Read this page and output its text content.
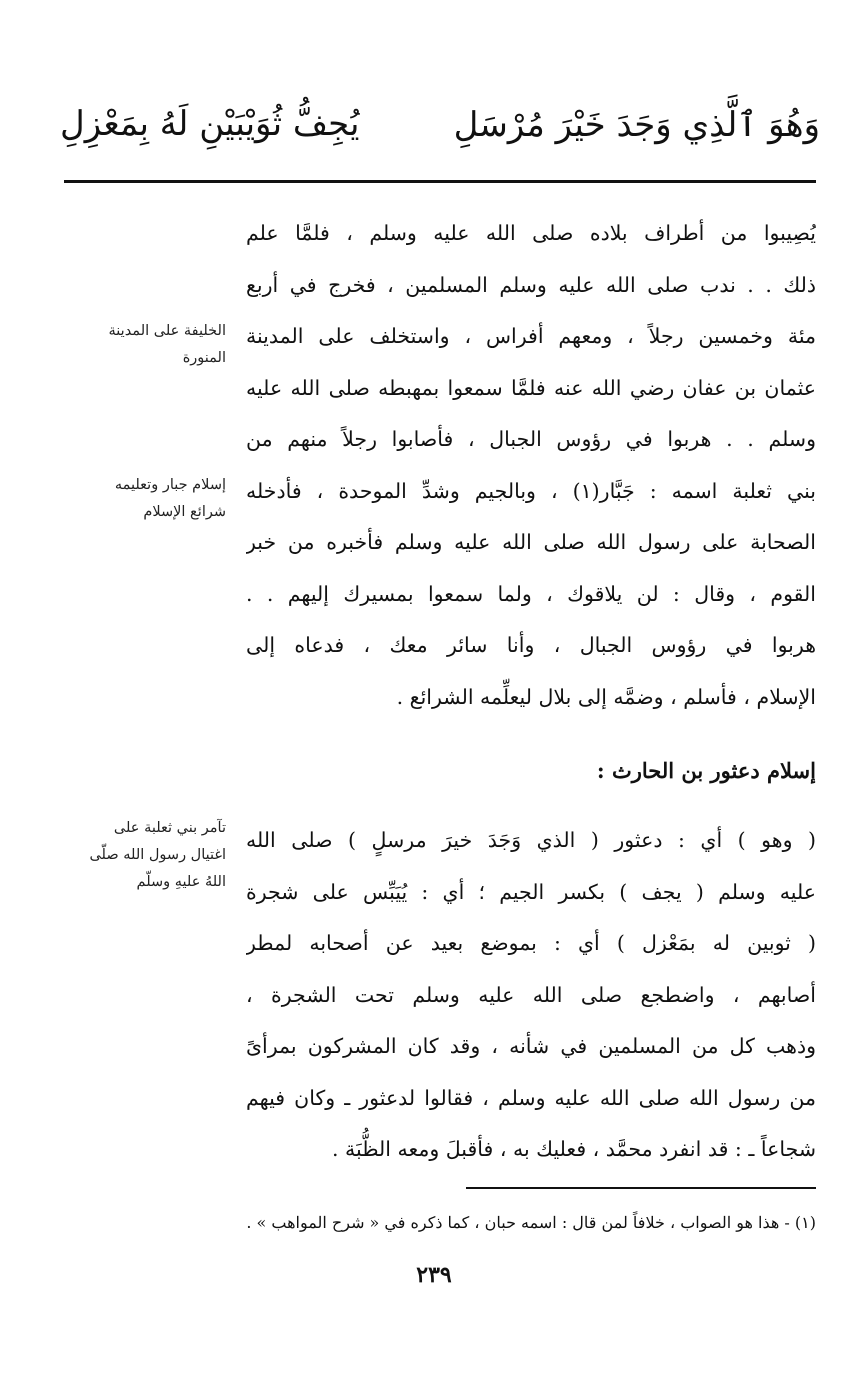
وَهُوَ ٱلَّذِي وَجَدَ خَيْرَ مُرْسَلِ
يُجِفُّ ثُوَيْبَيْنِ لَهُ بِمَعْزِلِ
يُصِيبوا من أطراف بلاده صلى الله عليه وسلم ، فلمَّا علم
ذلك . . ندب صلى الله عليه وسلم المسلمين ، فخرج في أربع
مئة وخمسين رجلاً ، ومعهم أفراس ، واستخلف على المدينة
عثمان بن عفان رضي الله عنه فلمَّا سمعوا بمهبطه صلى الله عليه
وسلم . . هربوا في رؤوس الجبال ، فأصابوا رجلاً منهم من
بني ثعلبة اسمه : جَبَّار(١) ، وبالجيم وشدِّ الموحدة ، فأدخله
الصحابة على رسول الله صلى الله عليه وسلم فأخبره من خبر
القوم ، وقال : لن يلاقوك ، ولما سمعوا بمسيرك إليهم . .
هربوا في رؤوس الجبال ، وأنا سائر معك ، فدعاه إلى
الإسلام ، فأسلم ، وضمَّه إلى بلال ليعلِّمه الشرائع .
الخليفة على المدينة
المنورة
إسلام جبار وتعليمه
شرائع الإسلام
إسلام دعثور بن الحارث :
( وهو ) أي : دعثور ( الذي وَجَدَ خيرَ مرسلٍ ) صلى الله
عليه وسلم ( يجف ) بكسر الجيم ؛ أي : يُيَبِّس على شجرة
( ثوبين له بمَعْزل ) أي : بموضع بعيد عن أصحابه لمطر
أصابهم ، واضطجع صلى الله عليه وسلم تحت الشجرة ،
وذهب كل من المسلمين في شأنه ، وقد كان المشركون بمرأىً
من رسول الله صلى الله عليه وسلم ، فقالوا لدعثور ـ وكان فيهم
شجاعاً ـ : قد انفرد محمَّد ، فعليك به ، فأقبلَ ومعه الظُّبَة .
تآمر بني ثعلبة على
اغتيال رسول الله صلّى
اللهُ عليهِ وسلّم
(١) - هذا هو الصواب ، خلافاً لمن قال : اسمه حبان ، كما ذكره في « شرح المواهب » .
٢٣٩
